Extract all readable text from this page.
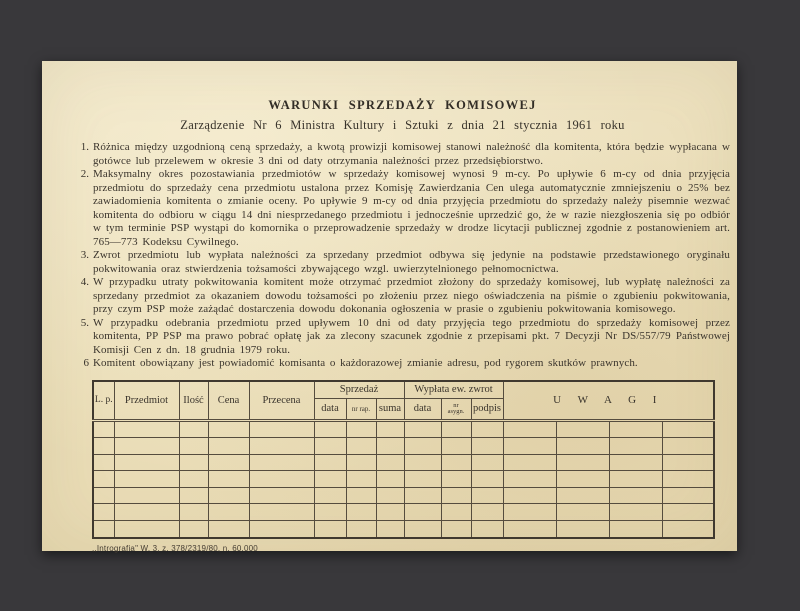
WARUNKI SPRZEDAŻY KOMISOWEJ

Zarządzenie Nr 6 Ministra Kultury i Sztuki z dnia 21 stycznia 1961 roku

1. Różnica między uzgodnioną ceną sprzedaży, a kwotą prowizji komisowej stanowi należność dla komitenta, która będzie wypłacana w gotówce lub przelewem w okresie 3 dni od daty otrzymania należności przez przedsiębiorstwo.
2. Maksymalny okres pozostawiania przedmiotów w sprzedaży komisowej wynosi 9 m-cy. Po upływie 6 m-cy od dnia przyjęcia przedmiotu do sprzedaży cena przedmiotu ustalona przez Komisję Zawierdzania Cen ulega automatycznie zmniejszeniu o 25% bez zawiadomienia komitenta o zmianie oceny. Po upływie 9 m-cy od dnia przyjęcia przedmiotu do sprzedaży należy pisemnie wezwać komitenta do odbioru w ciągu 14 dni niesprzedanego przedmiotu i jednocześnie uprzedzić go, że w razie niezgłoszenia się po odbiór w tym terminie PSP wystąpi do komornika o przeprowadzenie sprzedaży w drodze licytacji publicznej zgodnie z postanowieniem art. 765—773 Kodeksu Cywilnego.
3. Zwrot przedmiotu lub wypłata należności za sprzedany przedmiot odbywa się jedynie na podstawie przedstawionego oryginału pokwitowania oraz stwierdzenia tożsamości zbywającego wzgl. uwierzytelnionego pełnomocnictwa.
4. W przypadku utraty pokwitowania komitent może otrzymać przedmiot złożony do sprzedaży komisowej, lub wypłatę należności za sprzedany przedmiot za okazaniem dowodu tożsamości po złożeniu przez niego oświadczenia na piśmie o zgubieniu pokwitowania, przy czym PSP może zażądać dostarczenia dowodu dokonania ogłoszenia w prasie o zgubieniu pokwitowania komisowego.
5. W przypadku odebrania przedmiotu przed upływem 10 dni od daty przyjęcia tego przedmiotu do sprzedaży komisowej przez komitenta, PP PSP ma prawo pobrać opłatę jak za zlecony szacunek zgodnie z przepisami pkt. 7 Decyzji Nr DS/557/79 Państwowej Komisji Cen z dn. 18 grudnia 1979 roku.
6 Komitent obowiązany jest powiadomić komisanta o każdorazowej zmianie adresu, pod rygorem skutków prawnych.
L. p.	Przedmiot	Ilość	Cena	Przecena	Sprzedaż			Wypłata ew. zwrot			U W A G I			
					data	nr rap.	suma	data	nr asygn.	podpis				

,,Intrografia" W. 3, z. 378/2319/80, n. 60.000
